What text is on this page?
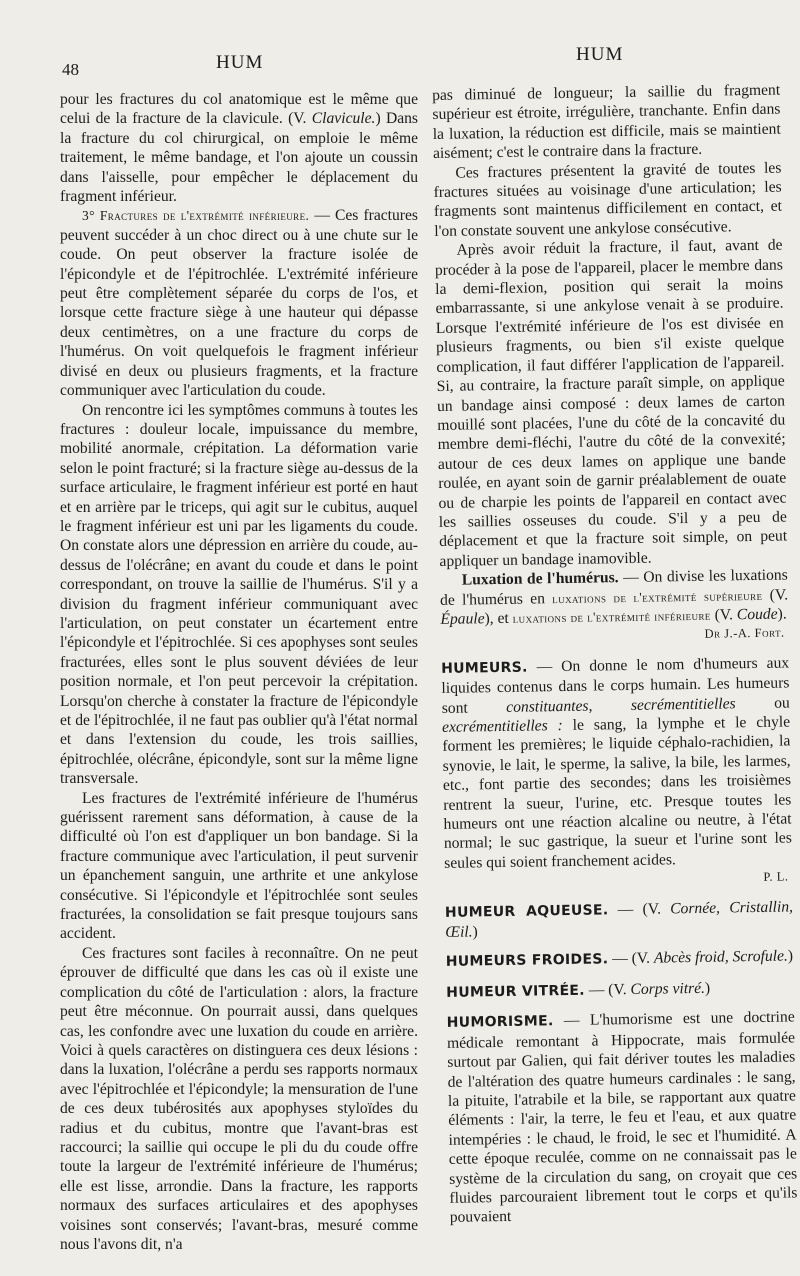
48	HUM	HUM

pour les fractures du col anatomique est le même que celui de la fracture de la clavicule. (V. Clavicule.) Dans la fracture du col chirurgical, on emploie le même traitement, le même bandage, et l'on ajoute un coussin dans l'aisselle, pour empêcher le déplacement du fragment inférieur.

3° Fractures de l'extrémité inférieure. — Ces fractures peuvent succéder à un choc direct ou à une chute sur le coude. On peut observer la fracture isolée de l'épicondyle et de l'épitrochlée. L'extrémité inférieure peut être complètement séparée du corps de l'os, et lorsque cette fracture siège à une hauteur qui dépasse deux centimètres, on a une fracture du corps de l'humérus. On voit quelquefois le fragment inférieur divisé en deux ou plusieurs fragments, et la fracture communiquer avec l'articulation du coude.

On rencontre ici les symptômes communs à toutes les fractures : douleur locale, impuissance du membre, mobilité anormale, crépitation. La déformation varie selon le point fracturé; si la fracture siège au-dessus de la surface articulaire, le fragment inférieur est porté en haut et en arrière par le triceps, qui agit sur le cubitus, auquel le fragment inférieur est uni par les ligaments du coude. On constate alors une dépression en arrière du coude, au-dessus de l'olécrâne; en avant du coude et dans le point correspondant, on trouve la saillie de l'humérus. S'il y a division du fragment inférieur communiquant avec l'articulation, on peut constater un écartement entre l'épicondyle et l'épitrochlée. Si ces apophyses sont seules fracturées, elles sont le plus souvent déviées de leur position normale, et l'on peut percevoir la crépitation. Lorsqu'on cherche à constater la fracture de l'épicondyle et de l'épitrochlée, il ne faut pas oublier qu'à l'état normal et dans l'extension du coude, les trois saillies, épitrochlée, olécrâne, épicondyle, sont sur la même ligne transversale.

Les fractures de l'extrémité inférieure de l'humérus guérissent rarement sans déformation, à cause de la difficulté où l'on est d'appliquer un bon bandage. Si la fracture communique avec l'articulation, il peut survenir un épanchement sanguin, une arthrite et une ankylose consécutive. Si l'épicondyle et l'épitrochlée sont seules fracturées, la consolidation se fait presque toujours sans accident.

Ces fractures sont faciles à reconnaître. On ne peut éprouver de difficulté que dans les cas où il existe une complication du côté de l'articulation : alors, la fracture peut être méconnue. On pourrait aussi, dans quelques cas, les confondre avec une luxation du coude en arrière. Voici à quels caractères on distinguera ces deux lésions : dans la luxation, l'olécrâne a perdu ses rapports normaux avec l'épitrochlée et l'épicondyle; la mensuration de l'une de ces deux tubérosités aux apophyses styloïdes du radius et du cubitus, montre que l'avant-bras est raccourci; la saillie qui occupe le pli du du coude offre toute la largeur de l'extrémité inférieure de l'humérus; elle est lisse, arrondie. Dans la fracture, les rapports normaux des surfaces articulaires et des apophyses voisines sont conservés; l'avant-bras, mesuré comme nous l'avons dit, n'a

pas diminué de longueur; la saillie du fragment supérieur est étroite, irrégulière, tranchante. Enfin dans la luxation, la réduction est difficile, mais se maintient aisément; c'est le contraire dans la fracture.

Ces fractures présentent la gravité de toutes les fractures situées au voisinage d'une articulation; les fragments sont maintenus difficilement en contact, et l'on constate souvent une ankylose consécutive.

Après avoir réduit la fracture, il faut, avant de procéder à la pose de l'appareil, placer le membre dans la demi-flexion, position qui serait la moins embarrassante, si une ankylose venait à se produire. Lorsque l'extrémité inférieure de l'os est divisée en plusieurs fragments, ou bien s'il existe quelque complication, il faut différer l'application de l'appareil. Si, au contraire, la fracture paraît simple, on applique un bandage ainsi composé : deux lames de carton mouillé sont placées, l'une du côté de la concavité du membre demi-fléchi, l'autre du côté de la convexité; autour de ces deux lames on applique une bande roulée, en ayant soin de garnir préalablement de ouate ou de charpie les points de l'appareil en contact avec les saillies osseuses du coude. S'il y a peu de déplacement et que la fracture soit simple, on peut appliquer un bandage inamovible.

Luxation de l'humérus. — On divise les luxations de l'humérus en luxations de l'extrémité supérieure (V. Épaule), et luxations de l'extrémité inférieure (V. Coude).

Dr J.-A. Fort.

HUMEURS. — On donne le nom d'humeurs aux liquides contenus dans le corps humain. Les humeurs sont constituantes, secrémentitielles ou excrémentitielles : le sang, la lymphe et le chyle forment les premières; le liquide céphalo-rachidien, la synovie, le lait, le sperme, la salive, la bile, les larmes, etc., font partie des secondes; dans les troisièmes rentrent la sueur, l'urine, etc. Presque toutes les humeurs ont une réaction alcaline ou neutre, à l'état normal; le suc gastrique, la sueur et l'urine sont les seules qui soient franchement acides.

P. L.

HUMEUR AQUEUSE. — (V. Cornée, Cristallin, Œil.)

HUMEURS FROIDES. — (V. Abcès froid, Scrofule.)

HUMEUR VITRÉE. — (V. Corps vitré.)

HUMORISME. — L'humorisme est une doctrine médicale remontant à Hippocrate, mais formulée surtout par Galien, qui fait dériver toutes les maladies de l'altération des quatre humeurs cardinales : le sang, la pituite, l'atrabile et la bile, se rapportant aux quatre éléments : l'air, la terre, le feu et l'eau, et aux quatre intempéries : le chaud, le froid, le sec et l'humidité. A cette époque reculée, comme on ne connaissait pas le système de la circulation du sang, on croyait que ces fluides parcouraient librement tout le corps et qu'ils pouvaient
